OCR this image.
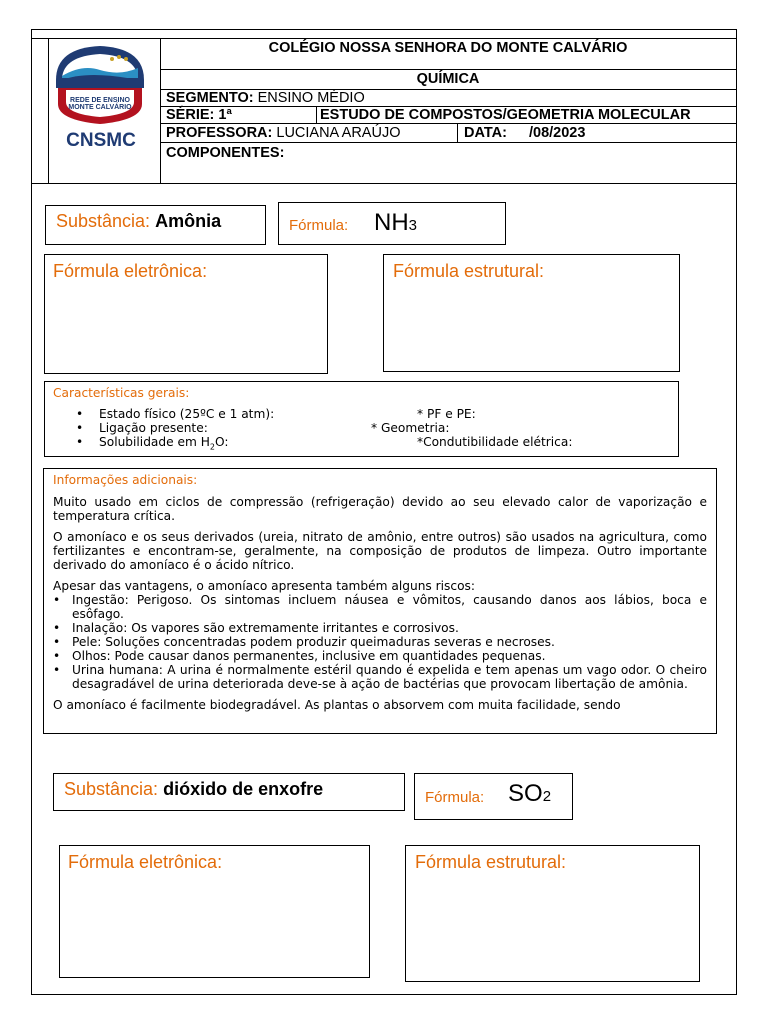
REDE DE ENSINO
MONTE CALVÁRIO
CNSMC
COLÉGIO NOSSA SENHORA DO MONTE CALVÁRIO
QUÍMICA
SEGMENTO: ENSINO MÉDIO
SÉRIE: 1ª	ESTUDO DE COMPOSTOS/GEOMETRIA MOLECULAR
PROFESSORA: LUCIANA ARAÚJO	DATA: /08/2023
COMPONENTES:
Substância: Amônia	Fórmula: NH3
Fórmula eletrônica:	Fórmula estrutural:
Características gerais:
• Estado físico (25ºC e 1 atm):	* PF e PE:
• Ligação presente:	* Geometria:
• Solubilidade em $H_2O$:	*Condutibilidade elétrica:
Informações adicionais:

Muito usado em ciclos de compressão (refrigeração) devido ao seu elevado calor de vaporização e temperatura crítica.

O amoníaco e os seus derivados (ureia, nitrato de amônio, entre outros) são usados na agricultura, como fertilizantes e encontram-se, geralmente, na composição de produtos de limpeza. Outro importante derivado do amoníaco é o ácido nítrico.

Apesar das vantagens, o amoníaco apresenta também alguns riscos:

• Ingestão: Perigoso. Os sintomas incluem náusea e vômitos, causando danos aos lábios, boca e esôfago.
• Inalação: Os vapores são extremamente irritantes e corrosivos.
• Pele: Soluções concentradas podem produzir queimaduras severas e necroses.
• Olhos: Pode causar danos permanentes, inclusive em quantidades pequenas.
• Urina humana: A urina é normalmente estéril quando é expelida e tem apenas um vago odor. O cheiro desagradável de urina deteriorada deve-se à ação de bactérias que provocam libertação de amônia.

O amoníaco é facilmente biodegradável. As plantas o absorvem com muita facilidade, sendo

Substância: dióxido de enxofre	Fórmula: SO2
Fórmula eletrônica:	Fórmula estrutural:
